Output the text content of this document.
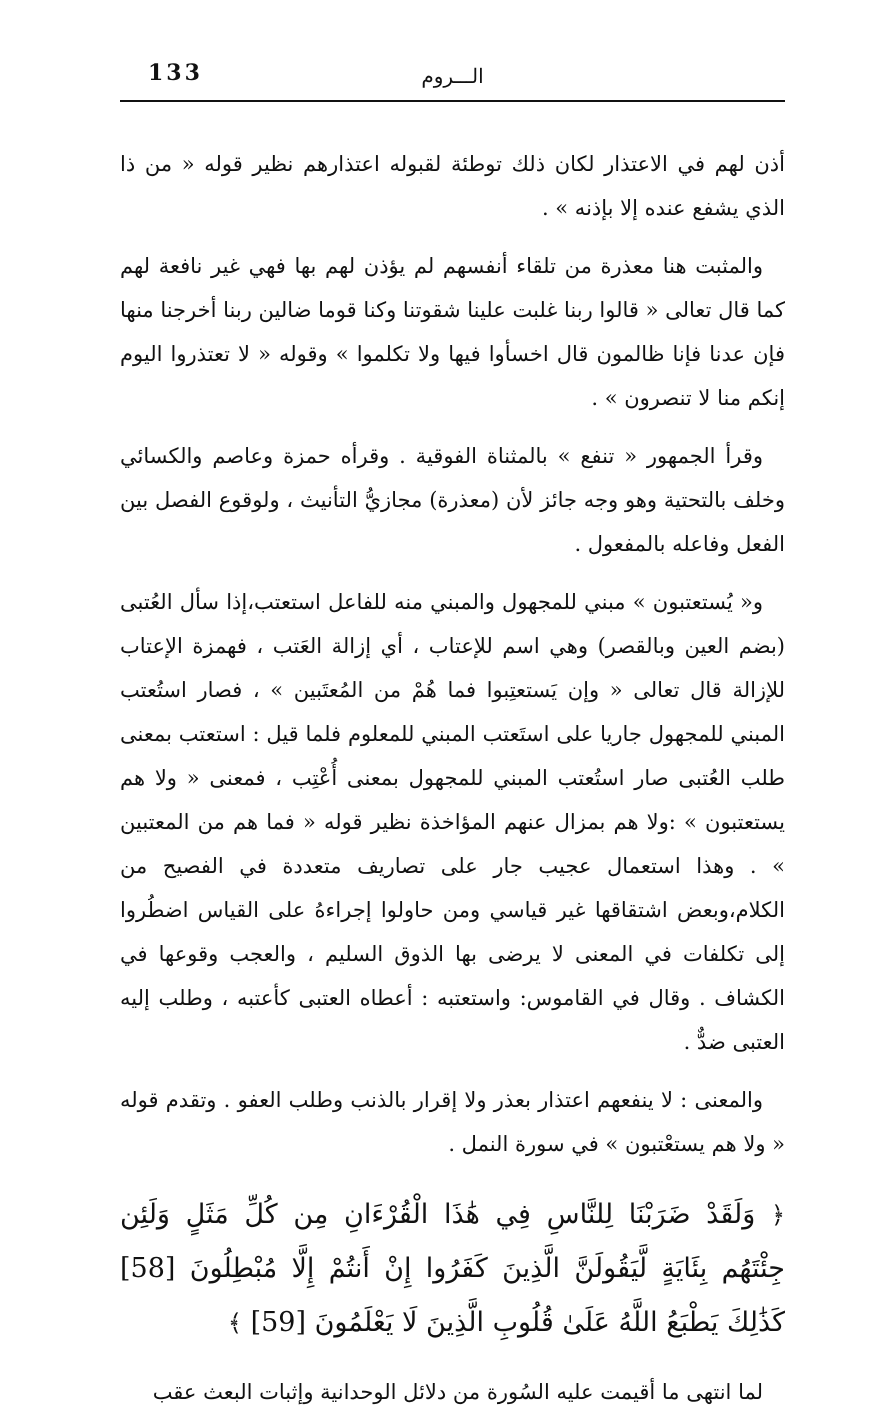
133	الـــروم

أذن لهم في الاعتذار لكان ذلك توطئة لقبوله اعتذارهم نظير قوله « من ذا الذي يشفع عنده إلا بإذنه » .

والمثبت هنا معذرة من تلقاء أنفسهم لم يؤذن لهم بها فهي غير نافعة لهم كما قال تعالى « قالوا ربنا غلبت علينا شقوتنا وكنا قوما ضالين ربنا أخرجنا منها فإن عدنا فإنا ظالمون قال اخسأوا فيها ولا تكلموا » وقوله « لا تعتذروا اليوم إنكم منا لا تنصرون » .

وقرأ الجمهور « تنفع » بالمثناة الفوقية . وقرأه حمزة وعاصم والكسائي وخلف بالتحتية وهو وجه جائز لأن (معذرة) مجازيُّ التأنيث ، ولوقوع الفصل بين الفعل وفاعله بالمفعول .

و« يُستعتبون » مبني للمجهول والمبني منه للفاعل استعتب،إذا سأل العُتبى (بضم العين وبالقصر) وهي اسم للإعتاب ، أي إزالة العَتب ، فهمزة الإعتاب للإزالة قال تعالى « وإن يَستعتِبوا فما هُمْ من المُعتَبين » ، فصار استُعتب المبني للمجهول جاريا على استَعتب المبني للمعلوم فلما قيل : استعتب بمعنى طلب العُتبى صار استُعتب المبني للمجهول بمعنى أُعْتِب ، فمعنى « ولا هم يستعتبون » :ولا هم بمزال عنهم المؤاخذة نظير قوله « فما هم من المعتبين » . وهذا استعمال عجيب جار على تصاريف متعددة في الفصيح من الكلام،وبعض اشتقاقها غير قياسي ومن حاولوا إجراءهُ على القياس اضطُروا إلى تكلفات في المعنى لا يرضى بها الذوق السليم ، والعجب وقوعها في الكشاف . وقال في القاموس: واستعتبه : أعطاه العتبى كأعتبه ، وطلب إليه العتبى ضدٌّ .

والمعنى : لا ينفعهم اعتذار بعذر ولا إقرار بالذنب وطلب العفو . وتقدم قوله « ولا هم يستعْتبون » في سورة النمل .

﴿ وَلَقَدْ ضَرَبْنَا لِلنَّاسِ فِي هَٰذَا الْقُرْءَانِ مِن كُلِّ مَثَلٍ وَلَئِن جِئْتَهُم بِئَايَةٍ لَّيَقُولَنَّ الَّذِينَ كَفَرُوا إِنْ أَنتُمْ إِلَّا مُبْطِلُونَ [58] كَذَٰلِكَ يَطْبَعُ اللَّهُ عَلَىٰ قُلُوبِ الَّذِينَ لَا يَعْلَمُونَ [59] ﴾

لما انتهى ما أقيمت عليه السُورة من دلائل الوحدانية وإثبات البعث عقب
